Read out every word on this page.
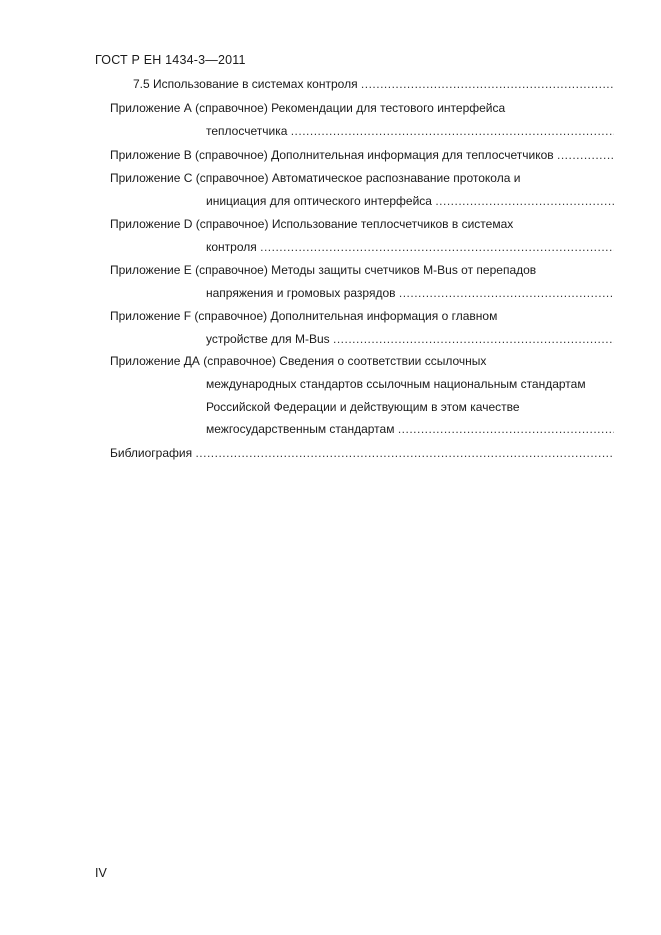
ГОСТ Р ЕН 1434-3—2011
7.5 Использование в системах контроля .....
Приложение А (справочное) Рекомендации для тестового интерфейса
теплосчетчика .....
Приложение В (справочное) Дополнительная информация для теплосчетчиков .....
Приложение С (справочное) Автоматическое распознавание протокола и
инициация для оптического интерфейса .....
Приложение D (справочное) Использование теплосчетчиков в системах
контроля .....
Приложение Е (справочное) Методы защиты счетчиков M-Bus от перепадов
напряжения и громовых разрядов .....
Приложение F (справочное) Дополнительная информация о главном
устройстве для M-Bus .....
Приложение ДА (справочное) Сведения о соответствии ссылочных
международных стандартов ссылочным национальным стандартам
Российской Федерации и действующим в этом качестве
межгосударственным стандартам .....
Библиография .....
IV
